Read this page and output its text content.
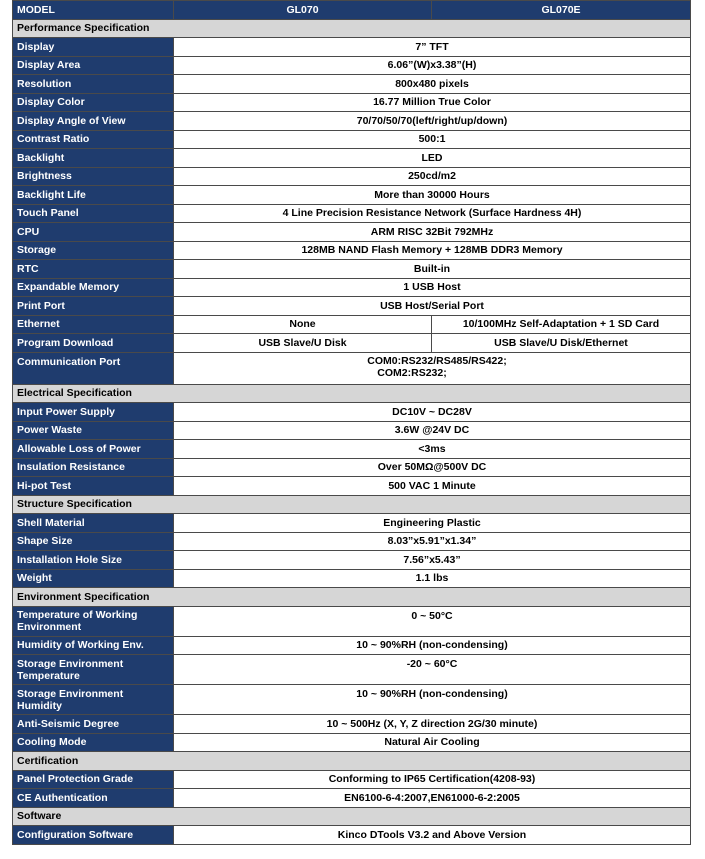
MODEL	GL070	GL070E
Performance Specification		
Display	7” TFT	
Display Area	6.06”(W)x3.38”(H)	
Resolution	800x480 pixels	
Display Color	16.77 Million True Color	
Display Angle of View	70/70/50/70(left/right/up/down)	
Contrast Ratio	500:1	
Backlight	LED	
Brightness	250cd/m2	
Backlight Life	More than 30000 Hours	
Touch Panel	4 Line Precision Resistance Network (Surface Hardness 4H)	
CPU	ARM RISC 32Bit 792MHz	
Storage	128MB NAND Flash Memory + 128MB DDR3 Memory	
RTC	Built-in	
Expandable Memory	1 USB Host	
Print Port	USB Host/Serial Port	
Ethernet	None	10/100MHz Self-Adaptation + 1 SD Card
Program Download	USB Slave/U Disk	USB Slave/U Disk/Ethernet
Communication Port	COM0:RS232/RS485/RS422;
COM2:RS232;	

Electrical Specification		
Input Power Supply	DC10V ~ DC28V	
Power Waste	3.6W @24V DC	
Allowable Loss of Power	<3ms	
Insulation Resistance	Over 50MΩ@500V DC	
Hi-pot Test	500 VAC 1 Minute	
Structure Specification		
Shell Material	Engineering Plastic	
Shape Size	8.03”x5.91”x1.34”	
Installation Hole Size	7.56”x5.43”	
Weight	1.1 lbs	
Environment Specification		
Temperature of Working Environment	0 ~ 50°C	
Humidity of Working Env.	10 ~ 90%RH (non-condensing)	
Storage Environment Temperature	-20 ~ 60°C	
Storage Environment Humidity	10 ~ 90%RH (non-condensing)	
Anti-Seismic Degree	10 ~ 500Hz (X, Y, Z direction 2G/30 minute)	
Cooling Mode	Natural Air Cooling	
Certification		
Panel Protection Grade	Conforming to IP65 Certification(4208-93)	
CE Authentication	EN6100-6-4:2007,EN61000-6-2:2005	
Software		
Configuration Software	Kinco DTools V3.2 and Above Version	
